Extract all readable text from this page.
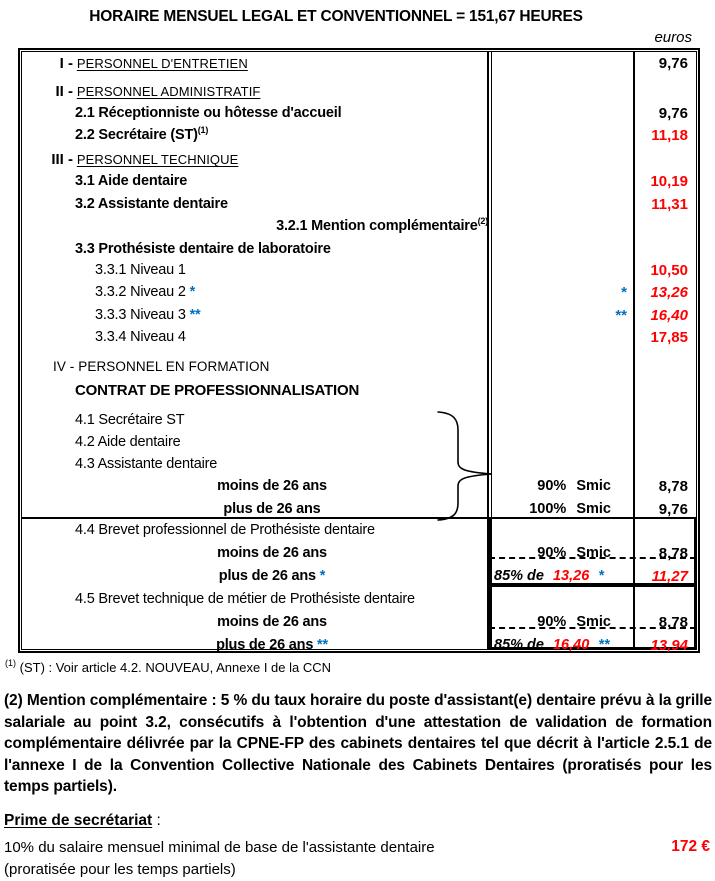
HORAIRE MENSUEL LEGAL ET CONVENTIONNEL = 151,67 HEURES
euros
I - PERSONNEL D'ENTRETIEN	9,76
II - PERSONNEL ADMINISTRATIF
2.1 Réceptionniste ou hôtesse d'accueil	9,76
2.2 Secrétaire (ST)$^{(1)}$	11,18
III - PERSONNEL TECHNIQUE
3.1 Aide dentaire	10,19
3.2 Assistante dentaire	11,31
3.2.1 Mention complémentaire$^{(2)}$
3.3 Prothésiste dentaire de laboratoire
3.3.1 Niveau 1	10,50
3.3.2 Niveau 2 *	*	13,26
3.3.3 Niveau 3 **	**	16,40
3.3.4 Niveau 4	17,85
IV - PERSONNEL EN FORMATION
CONTRAT DE PROFESSIONNALISATION
4.1 Secrétaire ST
4.2 Aide dentaire
4.3 Assistante dentaire
moins de 26 ans	90% Smic	8,78
plus de 26 ans	100% Smic	9,76
4.4 Brevet professionnel de Prothésiste dentaire
moins de 26 ans	90% Smic	8,78
plus de 26 ans *	85% de 13,26 *	11,27
4.5 Brevet technique de métier de Prothésiste dentaire
moins de 26 ans	90% Smic	8,78
plus de 26 ans **	85% de 16,40 **	13,94
$^{(1)}$ (ST) : Voir article 4.2. NOUVEAU, Annexe I de la CCN
(2) Mention complémentaire : 5 % du taux horaire du poste d'assistant(e) dentaire prévu à la grille salariale au point 3.2, consécutifs à l'obtention d'une attestation de validation de formation complémentaire délivrée par la CPNE-FP des cabinets dentaires tel que décrit à l'article 2.5.1 de l'annexe I de la Convention Collective Nationale des Cabinets Dentaires (proratisés pour les temps partiels).
Prime de secrétariat :
10% du salaire mensuel minimal de base de l'assistante dentaire	172 €
(proratisée pour les temps partiels)
